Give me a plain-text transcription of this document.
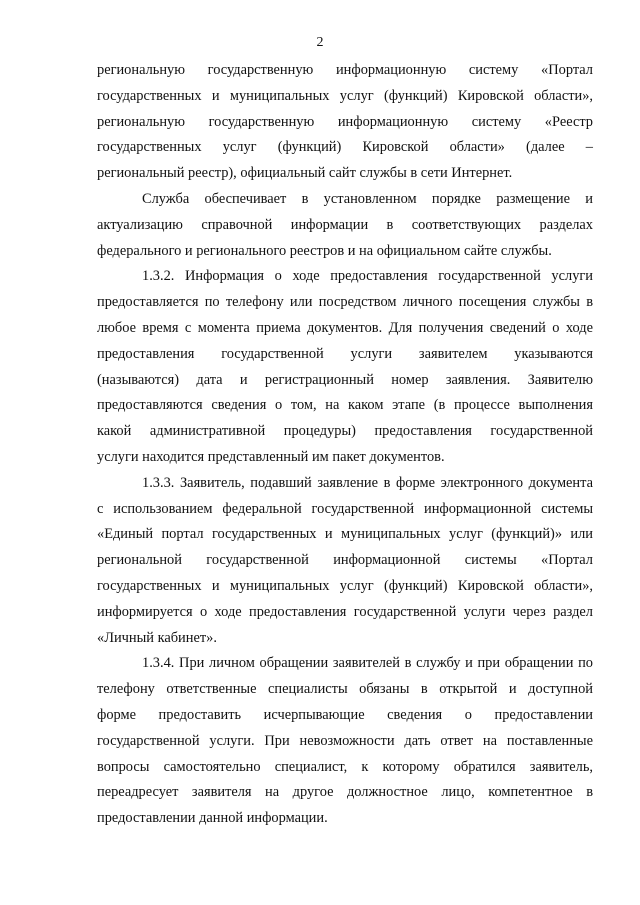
2
региональную государственную информационную систему «Портал
государственных и муниципальных услуг (функций) Кировской области»,
региональную государственную информационную систему «Реестр
государственных услуг (функций) Кировской области» (далее –
региональный реестр), официальный сайт службы в сети Интернет.
Служба обеспечивает в установленном порядке размещение и
актуализацию справочной информации в соответствующих разделах
федерального и регионального реестров и на официальном сайте службы.
1.3.2. Информация о ходе предоставления государственной услуги
предоставляется по телефону или посредством личного посещения службы в
любое время с момента приема документов. Для получения сведений о ходе
предоставления государственной услуги заявителем указываются
(называются) дата и регистрационный номер заявления. Заявителю
предоставляются сведения о том, на каком этапе (в процессе выполнения
какой административной процедуры) предоставления государственной
услуги находится представленный им пакет документов.
1.3.3. Заявитель, подавший заявление в форме электронного документа
с использованием федеральной государственной информационной системы
«Единый портал государственных и муниципальных услуг (функций)» или
региональной государственной информационной системы «Портал
государственных и муниципальных услуг (функций) Кировской области»,
информируется о ходе предоставления государственной услуги через раздел
«Личный кабинет».
1.3.4. При личном обращении заявителей в службу и при обращении по
телефону ответственные специалисты обязаны в открытой и доступной
форме предоставить исчерпывающие сведения о предоставлении
государственной услуги. При невозможности дать ответ на поставленные
вопросы самостоятельно специалист, к которому обратился заявитель,
переадресует заявителя на другое должностное лицо, компетентное в
предоставлении данной информации.
